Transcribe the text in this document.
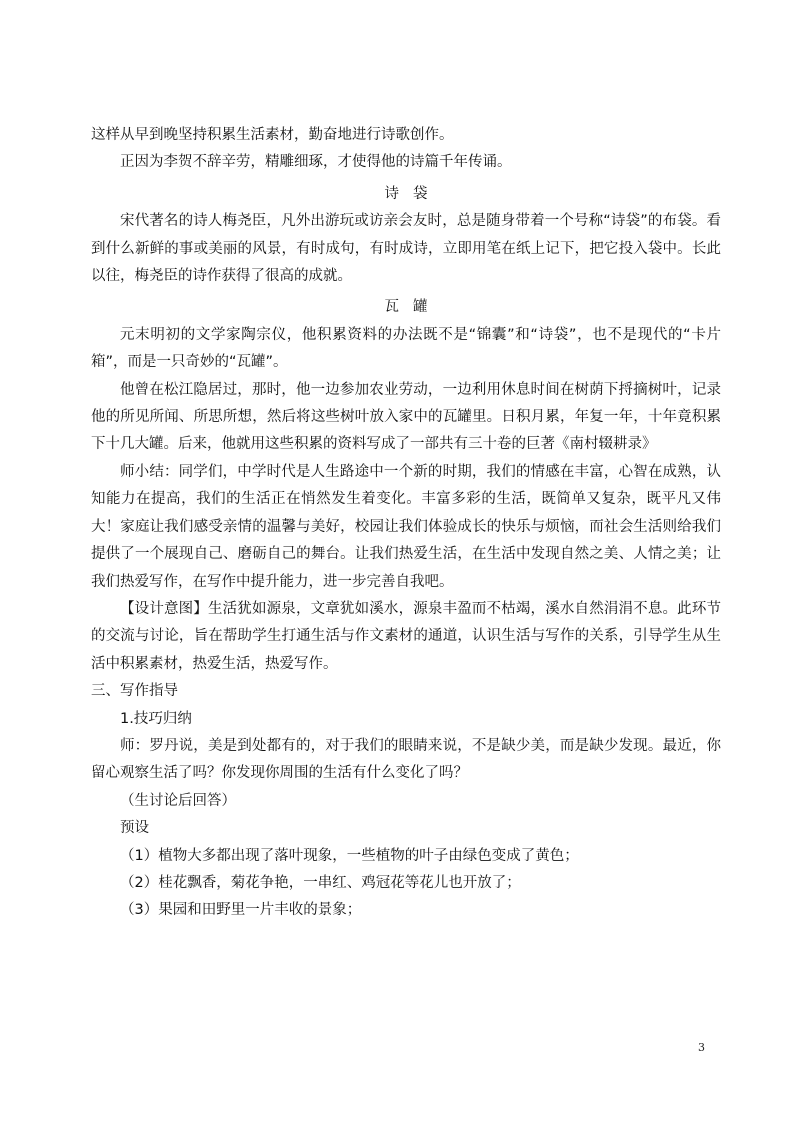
这样从早到晚坚持积累生活素材，勤奋地进行诗歌创作。

正因为李贺不辞辛劳，精雕细琢，才使得他的诗篇千年传诵。

诗袋

宋代著名的诗人梅尧臣，凡外出游玩或访亲会友时，总是随身带着一个号称“诗袋”的布袋。看到什么新鲜的事或美丽的风景，有时成句，有时成诗，立即用笔在纸上记下，把它投入袋中。长此以往，梅尧臣的诗作获得了很高的成就。

瓦罐

元末明初的文学家陶宗仪，他积累资料的办法既不是“锦囊”和“诗袋”，也不是现代的“卡片箱”，而是一只奇妙的“瓦罐”。

他曾在松江隐居过，那时，他一边参加农业劳动，一边利用休息时间在树荫下捋摘树叶，记录他的所见所闻、所思所想，然后将这些树叶放入家中的瓦罐里。日积月累，年复一年，十年竟积累下十几大罐。后来，他就用这些积累的资料写成了一部共有三十卷的巨著《南村辍耕录》

师小结：同学们，中学时代是人生路途中一个新的时期，我们的情感在丰富，心智在成熟，认知能力在提高，我们的生活正在悄然发生着变化。丰富多彩的生活，既简单又复杂，既平凡又伟大！家庭让我们感受亲情的温馨与美好，校园让我们体验成长的快乐与烦恼，而社会生活则给我们提供了一个展现自己、磨砺自己的舞台。让我们热爱生活，在生活中发现自然之美、人情之美；让我们热爱写作，在写作中提升能力，进一步完善自我吧。

【设计意图】生活犹如源泉，文章犹如溪水，源泉丰盈而不枯竭，溪水自然涓涓不息。此环节的交流与讨论，旨在帮助学生打通生活与作文素材的通道，认识生活与写作的关系，引导学生从生活中积累素材，热爱生活，热爱写作。

三、写作指导

1.技巧归纳

师：罗丹说，美是到处都有的，对于我们的眼睛来说，不是缺少美，而是缺少发现。最近，你留心观察生活了吗？你发现你周围的生活有什么变化了吗？

（生讨论后回答）

预设

（1）植物大多都出现了落叶现象，一些植物的叶子由绿色变成了黄色；

（2）桂花飘香，菊花争艳，一串红、鸡冠花等花儿也开放了；

（3）果园和田野里一片丰收的景象；

3
